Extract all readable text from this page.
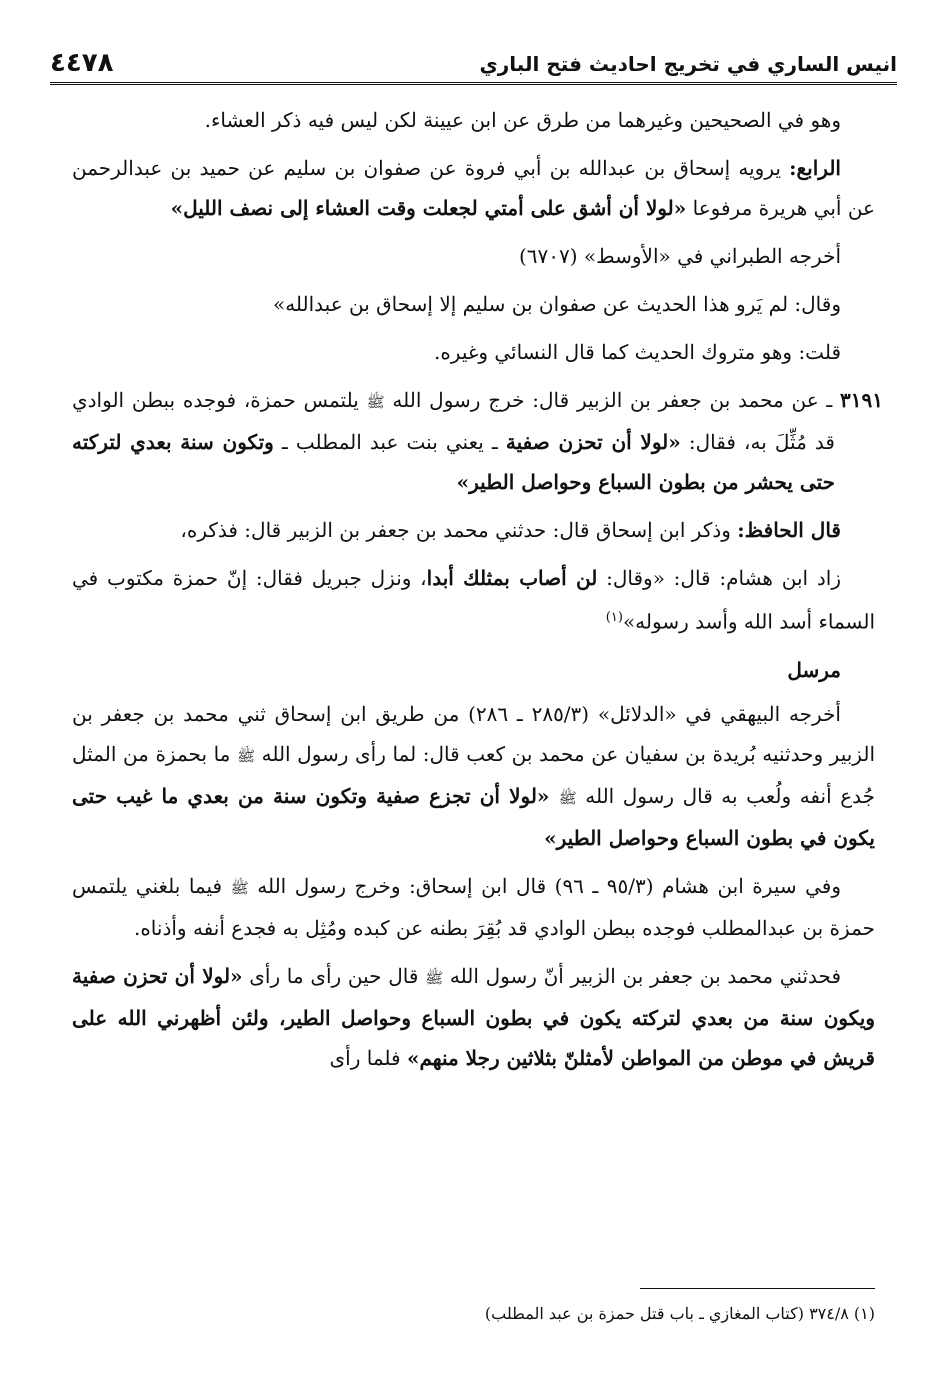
انيس الساري في تخريج احاديث فتح الباري
٤٤٧٨

وهو في الصحيحين وغيرهما من طرق عن ابن عيينة لكن ليس فيه ذكر العشاء.

الرابع: يرويه إسحاق بن عبدالله بن أبي فروة عن صفوان بن سليم عن حميد بن عبدالرحمن عن أبي هريرة مرفوعا «لولا أن أشق على أمتي لجعلت وقت العشاء إلى نصف الليل»

أخرجه الطبراني في «الأوسط» (٦٧٠٧)

وقال: لم يَرو هذا الحديث عن صفوان بن سليم إلا إسحاق بن عبدالله»

قلت: وهو متروك الحديث كما قال النسائي وغيره.

٣١٩١ ـ عن محمد بن جعفر بن الزبير قال: خرج رسول الله ﷺ يلتمس حمزة، فوجده ببطن الوادي قد مُثِّلَ به، فقال: «لولا أن تحزن صفية ـ يعني بنت عبد المطلب ـ وتكون سنة بعدي لتركته حتى يحشر من بطون السباع وحواصل الطير»

قال الحافظ: وذكر ابن إسحاق قال: حدثني محمد بن جعفر بن الزبير قال: فذكره،

زاد ابن هشام: قال: «وقال: لن أصاب بمثلك أبدا، ونزل جبريل فقال: إنّ حمزة مكتوب في السماء أسد الله وأسد رسوله»$^{(١)}$

مرسل

أخرجه البيهقي في «الدلائل» (٢٨٥/٣ ـ ٢٨٦) من طريق ابن إسحاق ثني محمد بن جعفر بن الزبير وحدثنيه بُريدة بن سفيان عن محمد بن كعب قال: لما رأى رسول الله ﷺ ما بحمزة من المثل جُدع أنفه ولُعب به قال رسول الله ﷺ «لولا أن تجزع صفية وتكون سنة من بعدي ما غيب حتى يكون في بطون السباع وحواصل الطير»

وفي سيرة ابن هشام (٩٥/٣ ـ ٩٦) قال ابن إسحاق: وخرج رسول الله ﷺ فيما بلغني يلتمس حمزة بن عبدالمطلب فوجده ببطن الوادي قد بُقِرَ بطنه عن كبده ومُثِل به فجدع أنفه وأذناه.

فحدثني محمد بن جعفر بن الزبير أنّ رسول الله ﷺ قال حين رأى ما رأى «لولا أن تحزن صفية ويكون سنة من بعدي لتركته يكون في بطون السباع وحواصل الطير، ولئن أظهرني الله على قريش في موطن من المواطن لأمثلنّ بثلاثين رجلا منهم» فلما رأى

(١) ٣٧٤/٨ (كتاب المغازي ـ باب قتل حمزة بن عبد المطلب)
